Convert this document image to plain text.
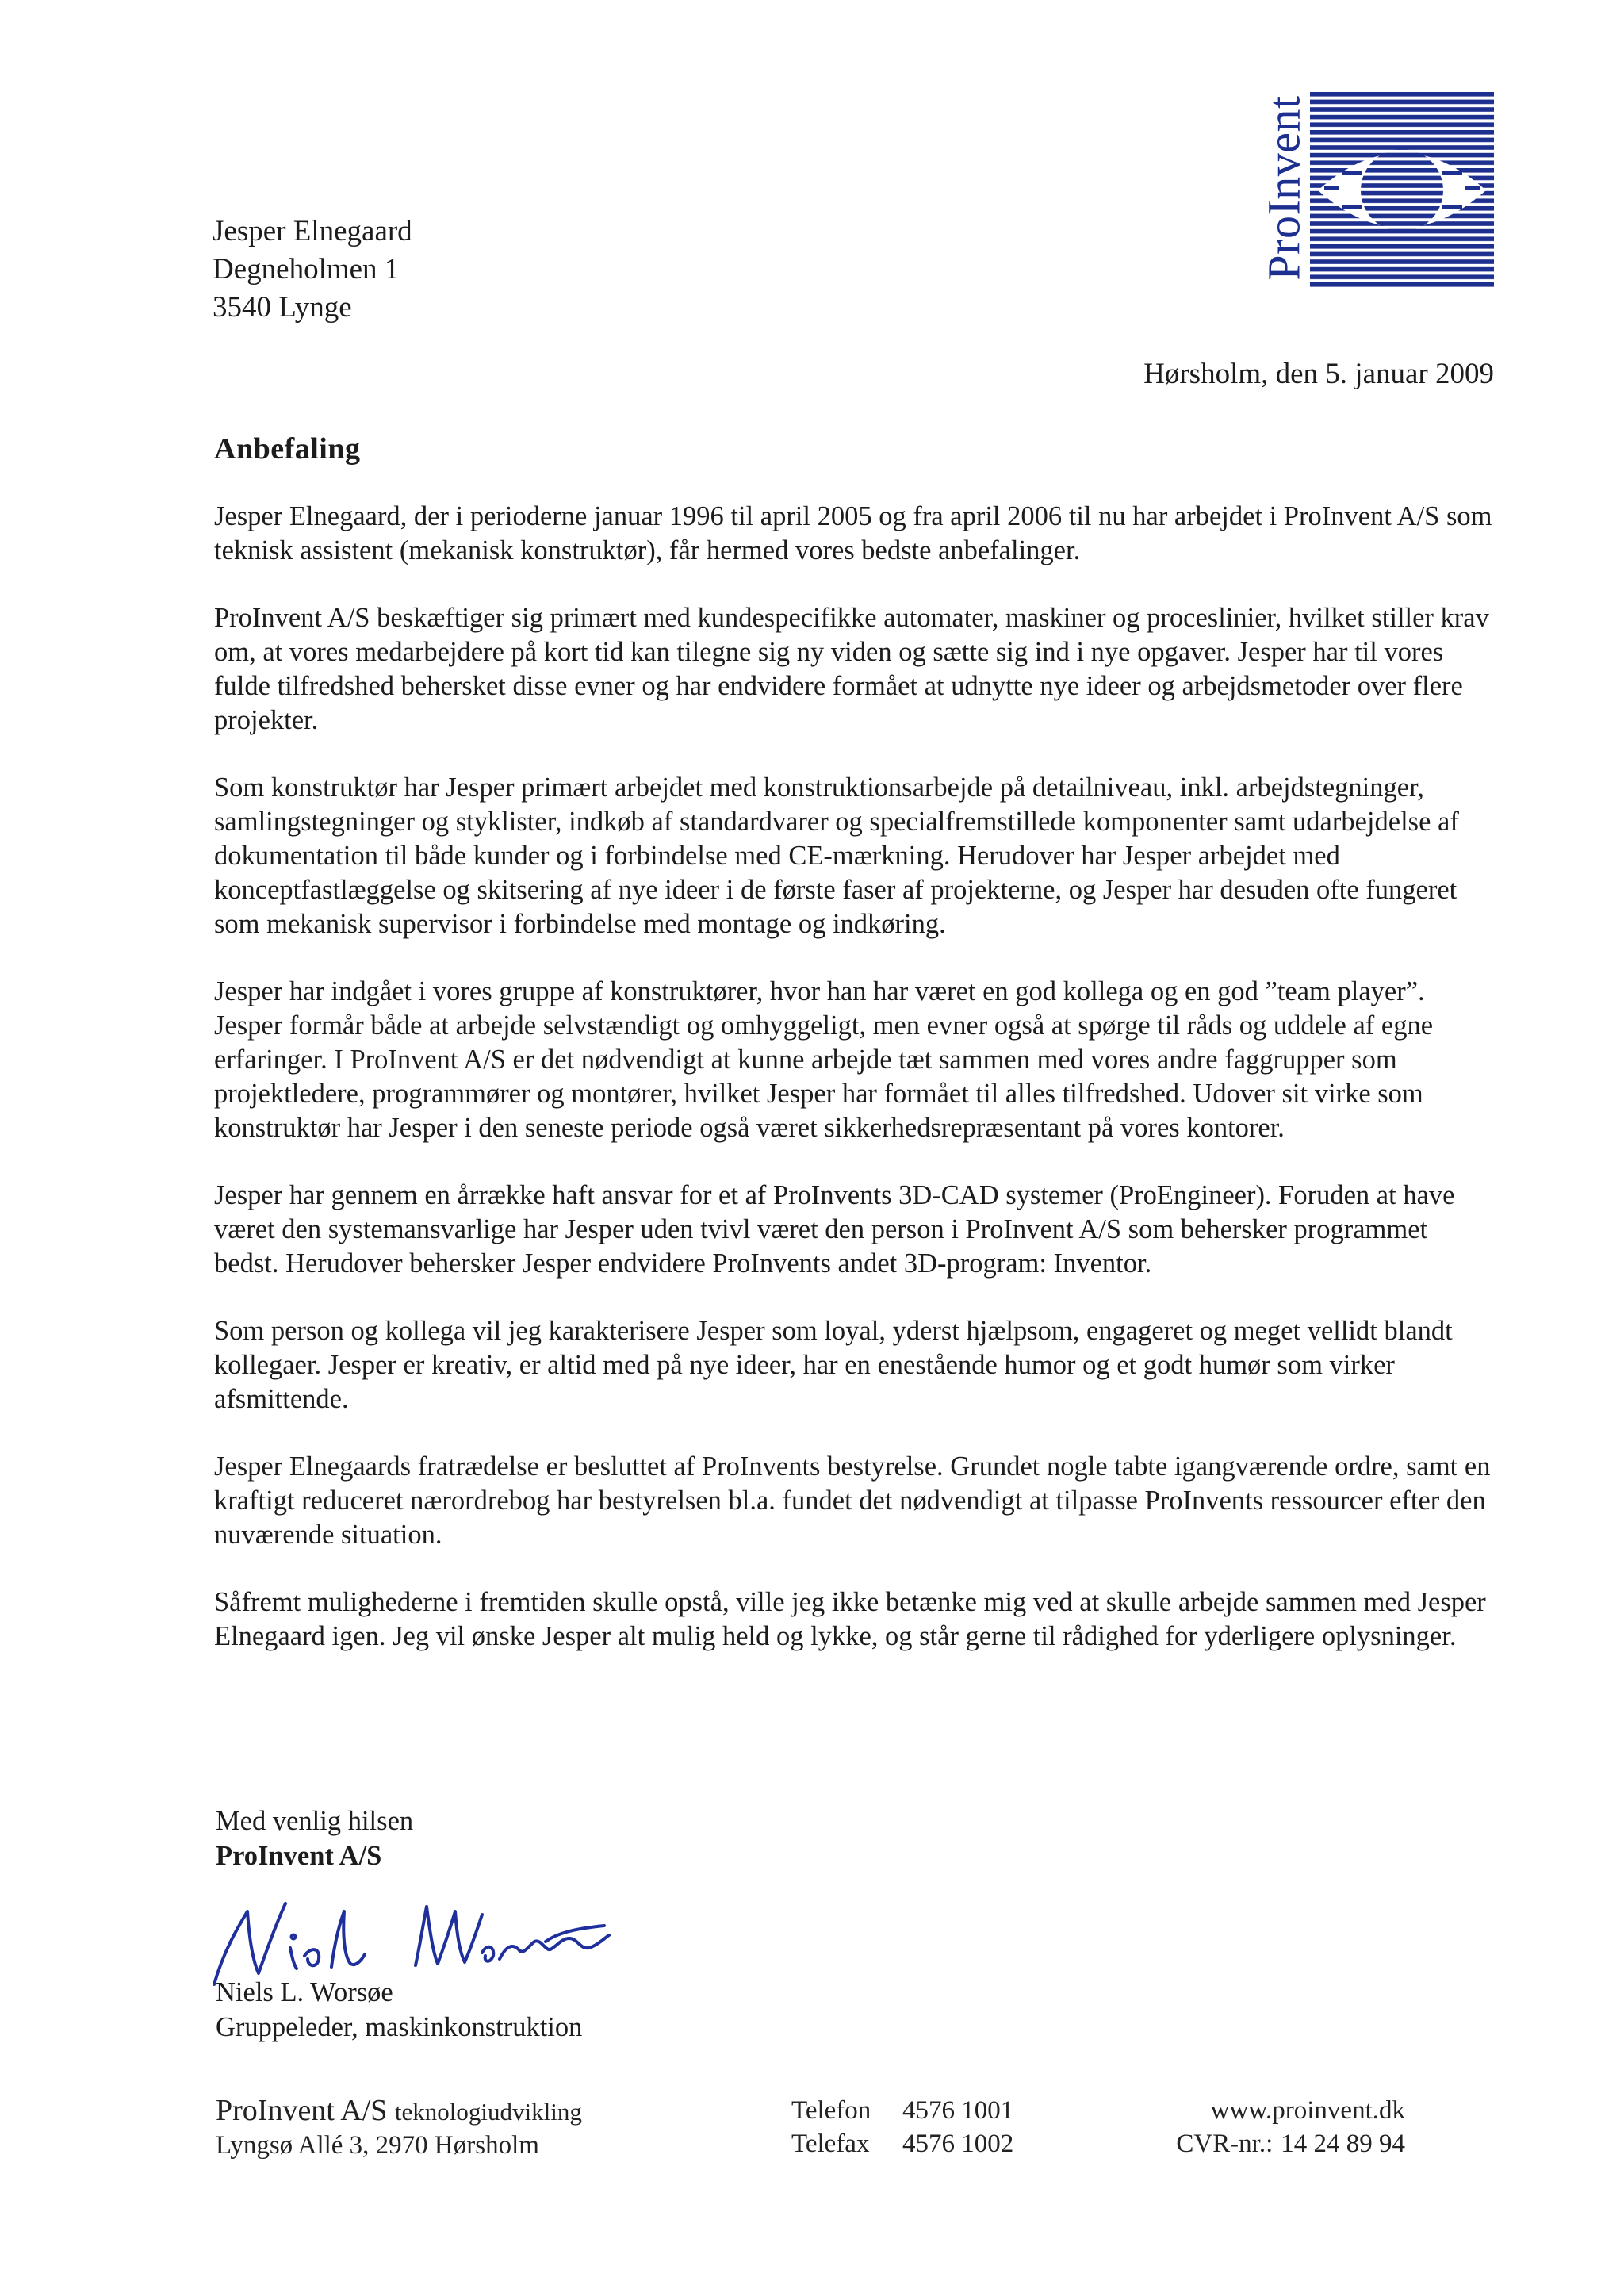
ProInvent
Jesper Elnegaard
Degneholmen 1
3540 Lynge
Hørsholm, den 5. januar 2009
Anbefaling

Jesper Elnegaard, der i perioderne januar 1996 til april 2005 og fra april 2006 til nu har arbejdet i ProInvent A/S som teknisk assistent (mekanisk konstruktør), får hermed vores bedste anbefalinger.

ProInvent A/S beskæftiger sig primært med kundespecifikke automater, maskiner og proceslinier, hvilket stiller krav om, at vores medarbejdere på kort tid kan tilegne sig ny viden og sætte sig ind i nye opgaver. Jesper har til vores fulde tilfredshed behersket disse evner og har endvidere formået at udnytte nye ideer og arbejdsmetoder over flere projekter.

Som konstruktør har Jesper primært arbejdet med konstruktionsarbejde på detailniveau, inkl. arbejdstegninger, samlingstegninger og styklister, indkøb af standardvarer og specialfremstillede komponenter samt udarbejdelse af dokumentation til både kunder og i forbindelse med CE-mærkning. Herudover har Jesper arbejdet med konceptfastlæggelse og skitsering af nye ideer i de første faser af projekterne, og Jesper har desuden ofte fungeret som mekanisk supervisor i forbindelse med montage og indkøring.

Jesper har indgået i vores gruppe af konstruktører, hvor han har været en god kollega og en god ”team player”. Jesper formår både at arbejde selvstændigt og omhyggeligt, men evner også at spørge til råds og uddele af egne erfaringer. I ProInvent A/S er det nødvendigt at kunne arbejde tæt sammen med vores andre faggrupper som projektledere, programmører og montører, hvilket Jesper har formået til alles tilfredshed. Udover sit virke som konstruktør har Jesper i den seneste periode også været sikkerhedsrepræsentant på vores kontorer.

Jesper har gennem en årrække haft ansvar for et af ProInvents 3D-CAD systemer (ProEngineer). Foruden at have været den systemansvarlige har Jesper uden tvivl været den person i ProInvent A/S som behersker programmet bedst. Herudover behersker Jesper endvidere ProInvents andet 3D-program: Inventor.

Som person og kollega vil jeg karakterisere Jesper som loyal, yderst hjælpsom, engageret og meget vellidt blandt kollegaer. Jesper er kreativ, er altid med på nye ideer, har en enestående humor og et godt humør som virker afsmittende.

Jesper Elnegaards fratrædelse er besluttet af ProInvents bestyrelse. Grundet nogle tabte igangværende ordre, samt en kraftigt reduceret nærordrebog har bestyrelsen bl.a. fundet det nødvendigt at tilpasse ProInvents ressourcer efter den nuværende situation.

Såfremt mulighederne i fremtiden skulle opstå, ville jeg ikke betænke mig ved at skulle arbejde sammen med Jesper Elnegaard igen. Jeg vil ønske Jesper alt mulig held og lykke, og står gerne til rådighed for yderligere oplysninger.

Med venlig hilsen
ProInvent A/S
Niels L. Worsøe
Gruppeleder, maskinkonstruktion
ProInvent A/S teknologiudvikling
Lyngsø Allé 3, 2970 Hørsholm
Telefon 4576 1001
Telefax 4576 1002
www.proinvent.dk
CVR-nr.: 14 24 89 94
